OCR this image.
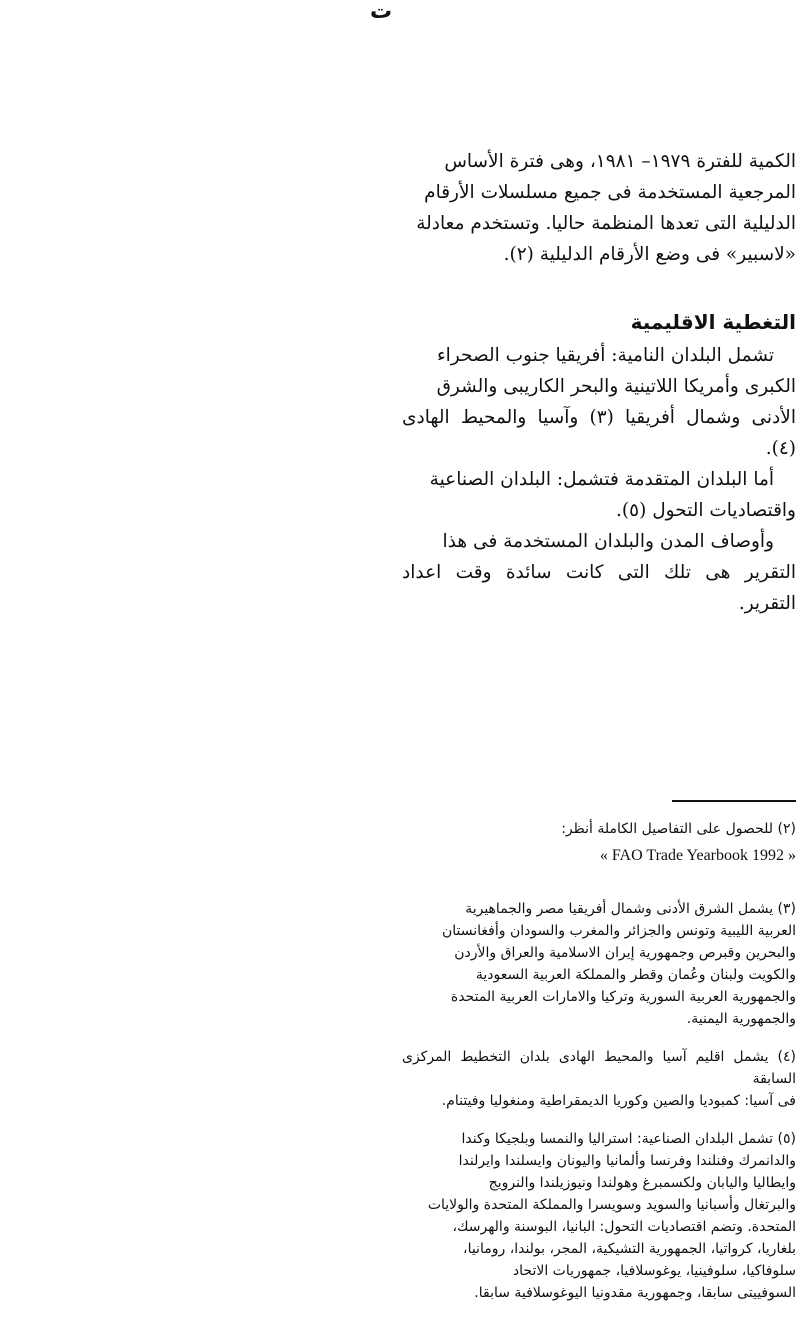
ت

الكمية للفترة ١٩٧٩– ١٩٨١، وهى فترة الأساس
المرجعية المستخدمة فى جميع مسلسلات الأرقام
الدليلية التى تعدها المنظمة حاليا. وتستخدم معادلة
«لاسبير» فى وضع الأرقام الدليلية (٢).

التغطية الاقليمية

تشمل البلدان النامية: أفريقيا جنوب الصحراء
الكبرى وأمريكا اللاتينية والبحر الكاريبى والشرق
الأدنى وشمال أفريقيا (٣) وآسيا والمحيط الهادى (٤).

أما البلدان المتقدمة فتشمل: البلدان الصناعية
واقتصاديات التحول (٥).

وأوصاف المدن والبلدان المستخدمة فى هذا
التقرير هى تلك التى كانت سائدة وقت اعداد التقرير.

(٢) للحصول على التفاصيل الكاملة أنظر:
« FAO Trade Yearbook 1992 »

(٣) يشمل الشرق الأدنى وشمال أفريقيا مصر والجماهيرية
العربية الليبية وتونس والجزائر والمغرب والسودان وأفغانستان
والبحرين وقبرص وجمهورية إيران الاسلامية والعراق والأردن
والكويت ولبنان وعُمان وقطر والمملكة العربية السعودية
والجمهورية العربية السورية وتركيا والامارات العربية المتحدة
والجمهورية اليمنية.

(٤) يشمل اقليم آسيا والمحيط الهادى بلدان التخطيط المركزى السابقة
فى آسيا: كمبوديا والصين وكوريا الديمقراطية ومنغوليا وفيتنام.

(٥) تشمل البلدان الصناعية: استراليا والنمسا وبلجيكا وكندا
والدانمرك وفنلندا وفرنسا وألمانيا واليونان وايسلندا وايرلندا
وايطاليا واليابان ولكسمبرغ وهولندا ونيوزيلندا والنرويج
والبرتغال وأسبانيا والسويد وسويسرا والمملكة المتحدة والولايات
المتحدة. وتضم اقتصاديات التحول: البانيا، البوسنة والهرسك،
بلغاريا، كرواتيا، الجمهورية التشيكية، المجر، بولندا، رومانيا،
سلوفاكيا، سلوفينيا، يوغوسلافيا، جمهوريات الاتحاد
السوفييتى سابقا، وجمهورية مقدونيا اليوغوسلافية سابقا.
